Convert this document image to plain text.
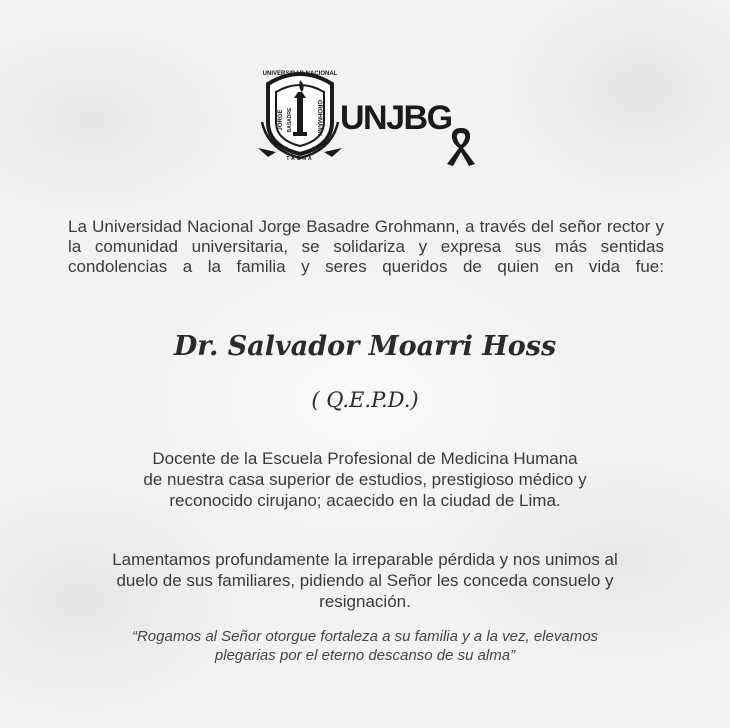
UNIVERSIDAD NACIONAL
JORGE BASADRE	GROHMANN
TACNA
UNJBG

La Universidad Nacional Jorge Basadre Grohmann, a través del señor rector y la comunidad universitaria, se solidariza y expresa sus más sentidas condolencias a la familia y seres queridos de quien en vida fue:

Dr. Salvador Moarri Hoss

( Q.E.P.D.)

Docente de la Escuela Profesional de Medicina Humana
de nuestra casa superior de estudios, prestigioso médico y
reconocido cirujano; acaecido en la ciudad de Lima.

Lamentamos profundamente la irreparable pérdida y nos unimos al
duelo de sus familiares, pidiendo al Señor les conceda consuelo y
resignación.

“Rogamos al Señor otorgue fortaleza a su familia y a la vez, elevamos
plegarias por el eterno descanso de su alma”
